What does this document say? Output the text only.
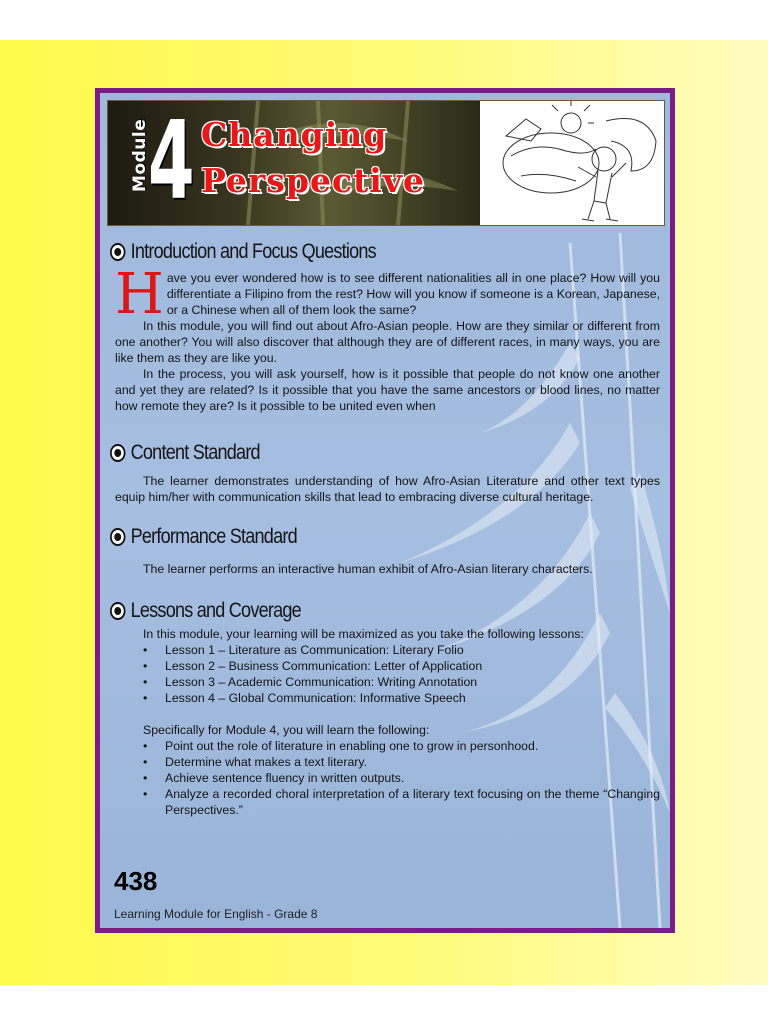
Module
4 Changing
Perspective
Introduction and Focus Questions

Have you ever wondered how is to see different nationalities all in one place? How will you differentiate a Filipino from the rest? How will you know if someone is a Korean, Japanese, or a Chinese when all of them look the same?

In this module, you will find out about Afro-Asian people. How are they similar or different from one another? You will also discover that although they are of different races, in many ways, you are like them as they are like you.

In the process, you will ask yourself, how is it possible that people do not know one another and yet they are related? Is it possible that you have the same ancestors or blood lines, no matter how remote they are? Is it possible to be united even when

Content Standard

The learner demonstrates understanding of how Afro-Asian Literature and other text types equip him/her with communication skills that lead to embracing diverse cultural heritage.

Performance Standard

The learner performs an interactive human exhibit of Afro-Asian literary characters.

Lessons and Coverage

In this module, your learning will be maximized as you take the following lessons:

• Lesson 1 – Literature as Communication: Literary Folio
• Lesson 2 – Business Communication: Letter of Application
• Lesson 3 – Academic Communication: Writing Annotation
• Lesson 4 – Global Communication: Informative Speech

Specifically for Module 4, you will learn the following:

• Point out the role of literature in enabling one to grow in personhood.
• Determine what makes a text literary.
• Achieve sentence fluency in written outputs.
• Analyze a recorded choral interpretation of a literary text focusing on the theme “Changing Perspectives.”
438
Learning Module for English - Grade 8
